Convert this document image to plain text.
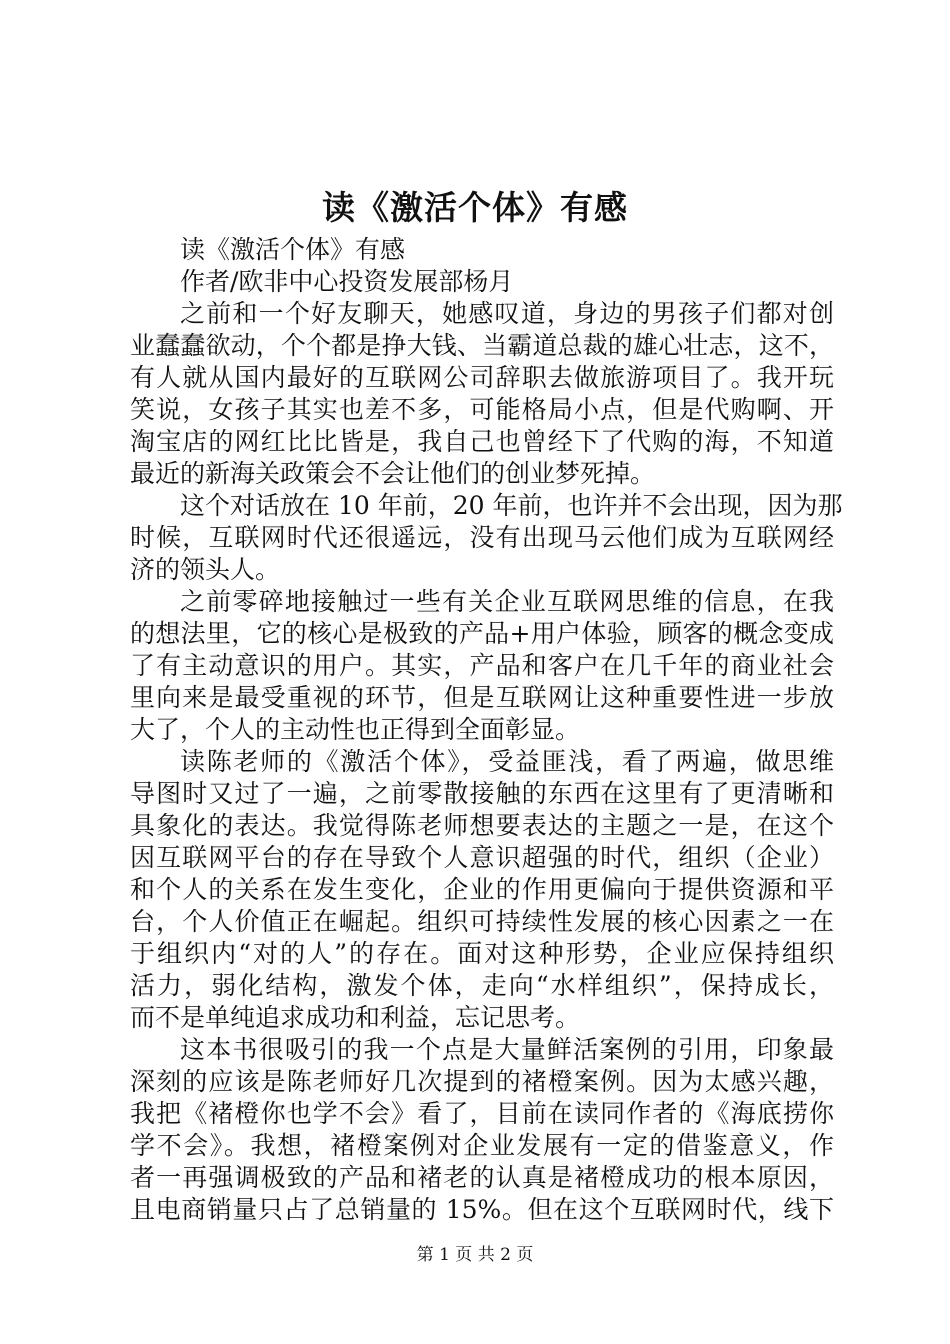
读《激活个体》有感
读《激活个体》有感
作者/欧非中心投资发展部杨月
之前和一个好友聊天，她感叹道，身边的男孩子们都对创
业蠢蠢欲动，个个都是挣大钱、当霸道总裁的雄心壮志，这不，
有人就从国内最好的互联网公司辞职去做旅游项目了。我开玩
笑说，女孩子其实也差不多，可能格局小点，但是代购啊、开
淘宝店的网红比比皆是，我自己也曾经下了代购的海，不知道
最近的新海关政策会不会让他们的创业梦死掉。
这个对话放在 10 年前，20 年前，也许并不会出现，因为那
时候，互联网时代还很遥远，没有出现马云他们成为互联网经
济的领头人。
之前零碎地接触过一些有关企业互联网思维的信息，在我
的想法里，它的核心是极致的产品+用户体验，顾客的概念变成
了有主动意识的用户。其实，产品和客户在几千年的商业社会
里向来是最受重视的环节，但是互联网让这种重要性进一步放
大了，个人的主动性也正得到全面彰显。
读陈老师的《激活个体》，受益匪浅，看了两遍，做思维
导图时又过了一遍，之前零散接触的东西在这里有了更清晰和
具象化的表达。我觉得陈老师想要表达的主题之一是，在这个
因互联网平台的存在导致个人意识超强的时代，组织（企业）
和个人的关系在发生变化，企业的作用更偏向于提供资源和平
台，个人价值正在崛起。组织可持续性发展的核心因素之一在
于组织内“对的人”的存在。面对这种形势，企业应保持组织
活力，弱化结构，激发个体，走向“水样组织”，保持成长，
而不是单纯追求成功和利益，忘记思考。
这本书很吸引的我一个点是大量鲜活案例的引用，印象最
深刻的应该是陈老师好几次提到的褚橙案例。因为太感兴趣，
我把《褚橙你也学不会》看了，目前在读同作者的《海底捞你
学不会》。我想，褚橙案例对企业发展有一定的借鉴意义，作
者一再强调极致的产品和褚老的认真是褚橙成功的根本原因，
且电商销量只占了总销量的 15%。但在这个互联网时代，线下
第 1 页 共 2 页
